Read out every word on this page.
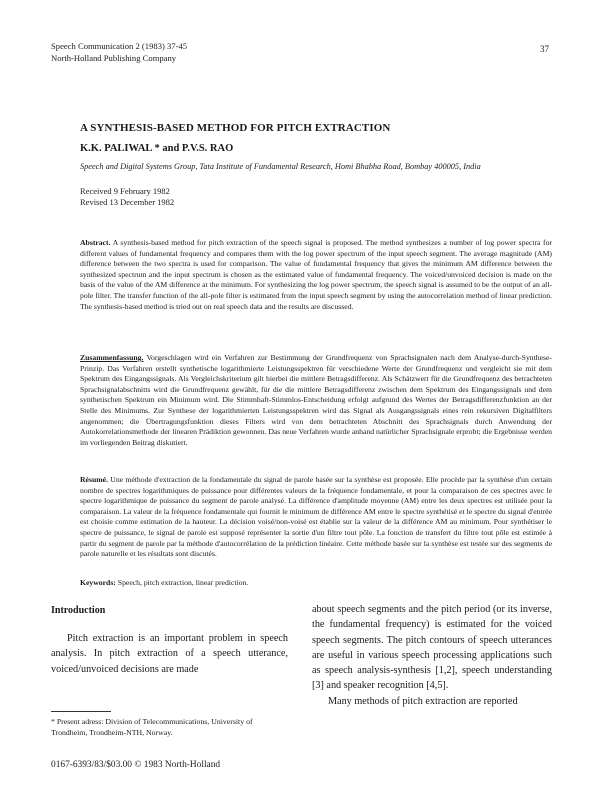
Speech Communication 2 (1983) 37-45
North-Holland Publishing Company
37
A SYNTHESIS-BASED METHOD FOR PITCH EXTRACTION
K.K. PALIWAL * and P.V.S. RAO
Speech and Digital Systems Group, Tata Institute of Fundamental Research, Homi Bhabha Road, Bombay 400005, India
Received 9 February 1982
Revised 13 December 1982
Abstract. A synthesis-based method for pitch extraction of the speech signal is proposed. The method synthesizes a number of log power spectra for different values of fundamental frequency and compares them with the log power spectrum of the input speech segment. The average magnitude (AM) difference between the two spectra is used for comparison. The value of fundamental frequency that gives the minimum AM difference between the synthesized spectrum and the input spectrum is chosen as the estimated value of fundamental frequency. The voiced/unvoiced decision is made on the basis of the value of the AM difference at the minimum. For synthesizing the log power spectrum, the speech signal is assumed to be the output of an all-pole filter. The transfer function of the all-pole filter is estimated from the input speech segment by using the autocorrelation method of linear prediction. The synthesis-based method is tried out on real speech data and the results are discussed.
Zusammenfassung. Vorgeschlagen wird ein Verfahren zur Bestimmung der Grundfrequenz von Sprachsignalen nach dem Analyse-durch-Synthese-Prinzip. Das Verfahren erstellt synthetische logarithmierte Leistungsspektren für verschiedene Werte der Grundfrequenz und vergleicht sie mit dem Spektrum des Eingangssignals. Als Vergleichskriterium gilt hierbei die mittlere Betragsdifferenz. Als Schätzwert für die Grundfrequenz des betrachteten Sprachsignalabschnitts wird die Grundfrequenz gewählt, für die die mittlere Betragsdifferenz zwischen dem Spektrum des Eingangssignals und dem synthetischen Spektrum ein Minimum wird. Die Stimmhaft-Stimmlos-Entscheidung erfolgt aufgrund des Wertes der Betragsdifferenzfunktion an der Stelle des Minimums. Zur Synthese der logarithmierten Leistungsspektren wird das Signal als Ausgangssignals eines rein rekursiven Digitalfilters angenommen; die Übertragungsfunktion dieses Filters wird von dem betrachteten Abschnitt des Sprachsignals durch Anwendung der Autokorrelationsmethode der linearen Prädiktion gewonnen. Das neue Verfahren wurde anhand natürlicher Sprachsignale erprobt; die Ergebnisse werden im vorliegenden Beitrag diskutiert.
Résumé. Une méthode d'extraction de la fondamentale du signal de parole basée sur la synthèse est proposée. Elle procède par la synthèse d'un certain nombre de spectres logarithmiques de puissance pour différentes valeurs de la fréquence fondamentale, et pour la comparaison de ces spectres avec le spectre logarithmique de puissance du segment de parole analysé. La différence d'amplitude moyenne (AM) entre les deux spectres est utilisée pour la comparaison. La valeur de la fréquence fondamentale qui fournit le minimum de différence AM entre le spectre synthétisé et le spectre du signal d'entrée est choisie comme estimation de la hauteur. La décision voisé/non-voisé est établie sur la valeur de la différence AM au minimum. Pour synthétiser le spectre de puissance, le signal de parole est supposé représenter la sortie d'un filtre tout pôle. La fonction de transfert du filtre tout pôle est estimée à partir du segment de parole par la méthode d'autocorrélation de la prédiction linéaire. Cette méthode basée sur la synthèse est testée sur des segments de parole naturelle et les résultats sont discutés.
Keywords: Speech, pitch extraction, linear prediction.
Introduction
Pitch extraction is an important problem in speech analysis. In pitch extraction of a speech utterance, voiced/unvoiced decisions are made
* Present adress: Division of Telecommunications, University of Trondheim, Trondheim-NTH, Norway.
0167-6393/83/$03.00 © 1983 North-Holland
about speech segments and the pitch period (or its inverse, the fundamental frequency) is estimated for the voiced speech segments. The pitch contours of speech utterances are useful in various speech processing applications such as speech analysis-synthesis [1,2], speech understanding [3] and speaker recognition [4,5].
Many methods of pitch extraction are reported
